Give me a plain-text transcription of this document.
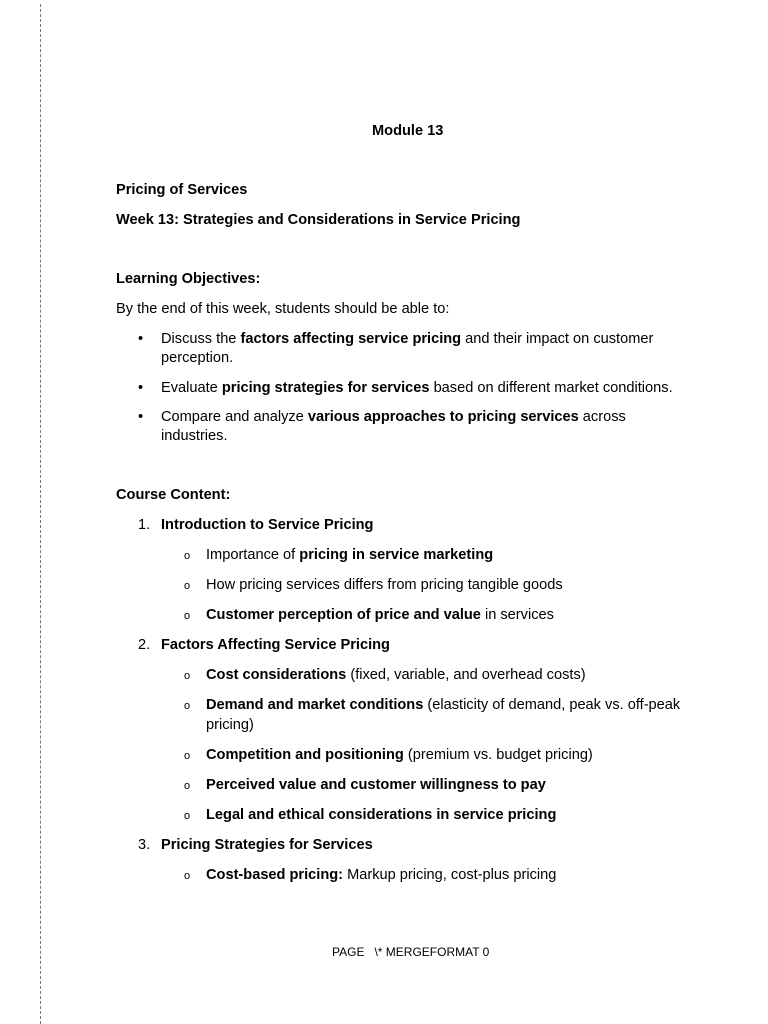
Module 13
Pricing of Services
Week 13: Strategies and Considerations in Service Pricing
Learning Objectives:
By the end of this week, students should be able to:
• Discuss the factors affecting service pricing and their impact on customer perception.
• Evaluate pricing strategies for services based on different market conditions.
• Compare and analyze various approaches to pricing services across industries.
Course Content:
1. Introduction to Service Pricing
o Importance of pricing in service marketing
o How pricing services differs from pricing tangible goods
o Customer perception of price and value in services
2. Factors Affecting Service Pricing
o Cost considerations (fixed, variable, and overhead costs)
o Demand and market conditions (elasticity of demand, peak vs. off-peak pricing)
o Competition and positioning (premium vs. budget pricing)
o Perceived value and customer willingness to pay
o Legal and ethical considerations in service pricing
3. Pricing Strategies for Services
o Cost-based pricing: Markup pricing, cost-plus pricing
PAGE   \* MERGEFORMAT 0
